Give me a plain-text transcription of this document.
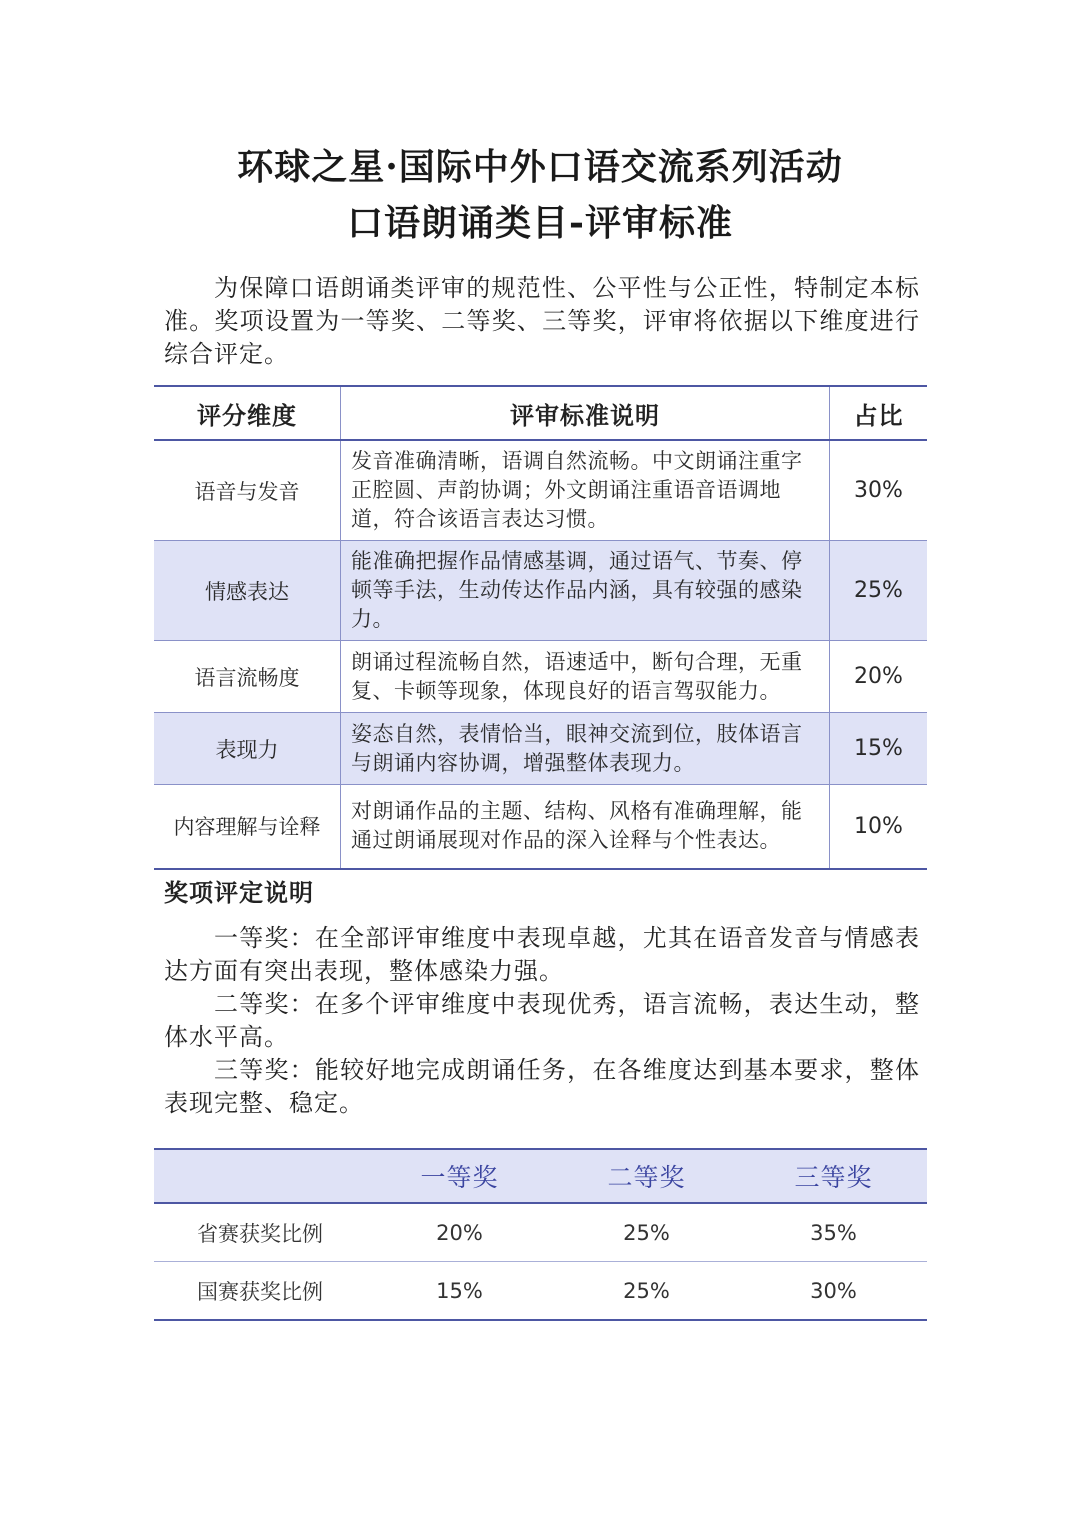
环球之星·国际中外口语交流系列活动
口语朗诵类目-评审标准
为保障口语朗诵类评审的规范性、公平性与公正性，特制定本标准。奖项设置为一等奖、二等奖、三等奖，评审将依据以下维度进行综合评定。
评分维度	评审标准说明	占比
语音与发音	发音准确清晰，语调自然流畅。中文朗诵注重字正腔圆、声韵协调；外文朗诵注重语音语调地道，符合该语言表达习惯。	30%
情感表达	能准确把握作品情感基调，通过语气、节奏、停顿等手法，生动传达作品内涵，具有较强的感染力。	25%
语言流畅度	朗诵过程流畅自然，语速适中，断句合理，无重复、卡顿等现象，体现良好的语言驾驭能力。	20%
表现力	姿态自然，表情恰当，眼神交流到位，肢体语言与朗诵内容协调，增强整体表现力。	15%
内容理解与诠释	对朗诵作品的主题、结构、风格有准确理解，能通过朗诵展现对作品的深入诠释与个性表达。	10%
奖项评定说明

一等奖：在全部评审维度中表现卓越，尤其在语音发音与情感表达方面有突出表现，整体感染力强。

二等奖：在多个评审维度中表现优秀，语言流畅，表达生动，整体水平高。

三等奖：能较好地完成朗诵任务，在各维度达到基本要求，整体表现完整、稳定。

	一等奖	二等奖	三等奖
省赛获奖比例	20%	25%	35%
国赛获奖比例	15%	25%	30%
